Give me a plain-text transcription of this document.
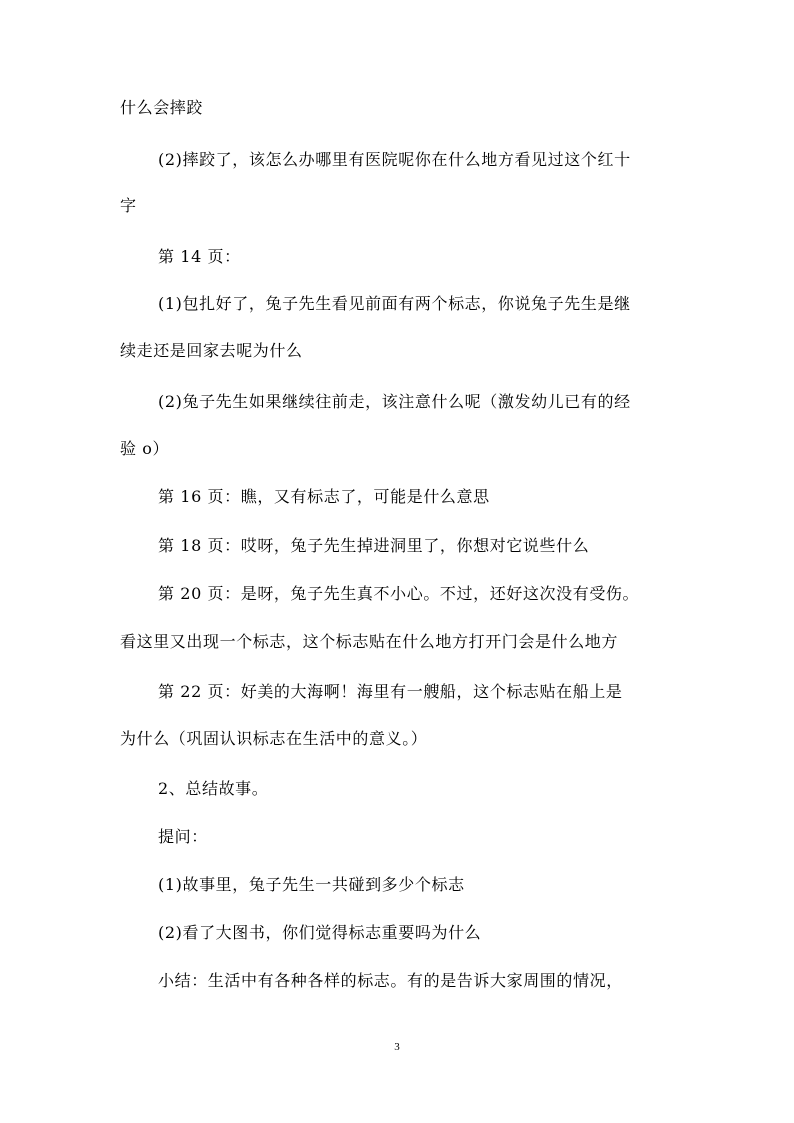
什么会摔跤
(2)摔跤了，该怎么办哪里有医院呢你在什么地方看见过这个红十
字
第 14 页：
(1)包扎好了，兔子先生看见前面有两个标志，你说兔子先生是继
续走还是回家去呢为什么
(2)兔子先生如果继续往前走，该注意什么呢（激发幼儿已有的经
验 o）
第 16 页：瞧，又有标志了，可能是什么意思
第 18 页：哎呀，兔子先生掉进洞里了，你想对它说些什么
第 20 页：是呀，兔子先生真不小心。不过，还好这次没有受伤。
看这里又出现一个标志，这个标志贴在什么地方打开门会是什么地方
第 22 页：好美的大海啊！海里有一艘船，这个标志贴在船上是
为什么（巩固认识标志在生活中的意义。）
2、总结故事。
提问：
(1)故事里，兔子先生一共碰到多少个标志
(2)看了大图书，你们觉得标志重要吗为什么
小结：生活中有各种各样的标志。有的是告诉大家周围的情况，
3
